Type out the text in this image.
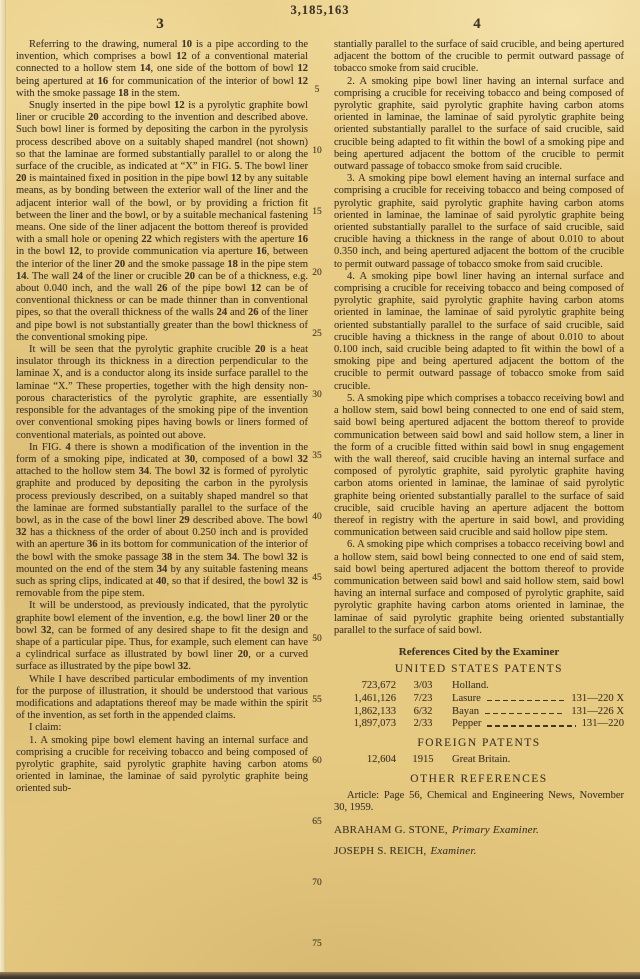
3,185,163
3	4

Referring to the drawing, numeral 10 is a pipe according to the invention, which comprises a bowl 12 of a conventional material connected to a hollow stem 14, one side of the bottom of bowl 12 being apertured at 16 for communication of the interior of bowl 12 with the smoke passage 18 in the stem.

Snugly inserted in the pipe bowl 12 is a pyrolytic graphite bowl liner or crucible 20 according to the invention and described above. Such bowl liner is formed by depositing the carbon in the pyrolysis process described above on a suitably shaped mandrel (not shown) so that the laminae are formed substantially parallel to or along the surface of the crucible, as indicated at “X” in FIG. 5. The bowl liner 20 is maintained fixed in position in the pipe bowl 12 by any suitable means, as by bonding between the exterior wall of the liner and the adjacent interior wall of the bowl, or by providing a friction fit between the liner and the bowl, or by a suitable mechanical fastening means. One side of the liner adjacent the bottom thereof is provided with a small hole or opening 22 which registers with the aperture 16 in the bowl 12, to provide communication via aperture 16, between the interior of the liner 20 and the smoke passage 18 in the pipe stem 14. The wall 24 of the liner or crucible 20 can be of a thickness, e.g. about 0.040 inch, and the wall 26 of the pipe bowl 12 can be of conventional thickness or can be made thinner than in conventional pipes, so that the overall thickness of the walls 24 and 26 of the liner and pipe bowl is not substantially greater than the bowl thickness of the conventional smoking pipe.

It will be seen that the pyrolytic graphite crucible 20 is a heat insulator through its thickness in a direction perpendicular to the laminae X, and is a conductor along its inside surface parallel to the laminae “X.” These properties, together with the high density non-porous characteristics of the pyrolytic graphite, are essentially responsible for the advantages of the smoking pipe of the invention over conventional smoking pipes having bowls or liners formed of conventional materials, as pointed out above.

In FIG. 4 there is shown a modification of the invention in the form of a smoking pipe, indicated at 30, composed of a bowl 32 attached to the hollow stem 34. The bowl 32 is formed of pyrolytic graphite and produced by depositing the carbon in the pyrolysis process previously described, on a suitably shaped mandrel so that the laminae are formed substantially parallel to the surface of the bowl, as in the case of the bowl liner 29 described above. The bowl 32 has a thickness of the order of about 0.250 inch and is provided with an aperture 36 in its bottom for communication of the interior of the bowl with the smoke passage 38 in the stem 34. The bowl 32 is mounted on the end of the stem 34 by any suitable fastening means such as spring clips, indicated at 40, so that if desired, the bowl 32 is removable from the pipe stem.

It will be understood, as previously indicated, that the pyrolytic graphite bowl element of the invention, e.g. the bowl liner 20 or the bowl 32, can be formed of any desired shape to fit the design and shape of a particular pipe. Thus, for example, such element can have a cylindrical surface as illustrated by bowl liner 20, or a curved surface as illustrated by the pipe bowl 32.

While I have described particular embodiments of my invention for the purpose of illustration, it should be understood that various modifications and adaptations thereof may be made within the spirit of the invention, as set forth in the appended claims.

I claim:

1. A smoking pipe bowl element having an internal surface and comprising a crucible for receiving tobacco and being composed of pyrolytic graphite, said pyrolytic graphite having carbon atoms oriented in laminae, the laminae of said pyrolytic graphite being oriented sub-

stantially parallel to the surface of said crucible, and being apertured adjacent the bottom of the crucible to permit outward passage of tobacco smoke from said crucible.

2. A smoking pipe bowl liner having an internal surface and comprising a crucible for receiving tobacco and being composed of pyrolytic graphite, said pyrolytic graphite having carbon atoms oriented in laminae, the laminae of said pyrolytic graphite being oriented substantially parallel to the surface of said crucible, said crucible being adapted to fit within the bowl of a smoking pipe and being apertured adjacent the bottom of the crucible to permit outward passage of tobacco smoke from said crucible.

3. A smoking pipe bowl element having an internal surface and comprising a crucible for receiving tobacco and being composed of pyrolytic graphite, said pyrolytic graphite having carbon atoms oriented in laminae, the laminae of said pyrolytic graphite being oriented substantially parallel to the surface of said crucible, said crucible having a thickness in the range of about 0.010 to about 0.350 inch, and being apertured adjacent the bottom of the crucible to permit outward passage of tobacco smoke from said crucible.

4. A smoking pipe bowl liner having an internal surface and comprising a crucible for receiving tobacco and being composed of pyrolytic graphite, said pyrolytic graphite having carbon atoms oriented in laminae, the laminae of said pyrolytic graphite being oriented substantially parallel to the surface of said crucible, said crucible having a thickness in the range of about 0.010 to about 0.100 inch, said crucible being adapted to fit within the bowl of a smoking pipe and being apertured adjacent the bottom of the crucible to permit outward passage of tobacco smoke from said crucible.

5. A smoking pipe which comprises a tobacco receiving bowl and a hollow stem, said bowl being connected to one end of said stem, said bowl being apertured adjacent the bottom thereof to provide communication between said bowl and said hollow stem, a liner in the form of a crucible fitted within said bowl in snug engagement with the wall thereof, said crucible having an internal surface and composed of pyrolytic graphite, said pyrolytic graphite having carbon atoms oriented in laminae, the laminae of said pyrolytic graphite being oriented substantially parallel to the surface of said crucible, said crucible having an aperture adjacent the bottom thereof in registry with the aperture in said bowl, and providing communication between said crucible and said hollow pipe stem.

6. A smoking pipe which comprises a tobacco receiving bowl and a hollow stem, said bowl being connected to one end of said stem, said bowl being apertured adjacent the bottom thereof to provide communication between said bowl and said hollow stem, said bowl having an internal surface and composed of pyrolytic graphite, said pyrolytic graphite having carbon atoms oriented in laminae, the laminae of said pyrolytic graphite being oriented substantially parallel to the surface of said bowl.

References Cited by the Examiner
UNITED STATES PATENTS
723,672	3/03	Holland.
1,461,126	7/23	Lasure	131—220 X
1,862,133	6/32	Bayan	131—226 X
1,897,073	2/33	Pepper	131—220
FOREIGN PATENTS
12,604	1915	Great Britain.
OTHER REFERENCES
Article: Page 56, Chemical and Engineering News, November 30, 1959.
ABRAHAM G. STONE, Primary Examiner.
JOSEPH S. REICH, Examiner.
5
10
15
20
25
30
35
40
45
50
55
60
65
70
75
